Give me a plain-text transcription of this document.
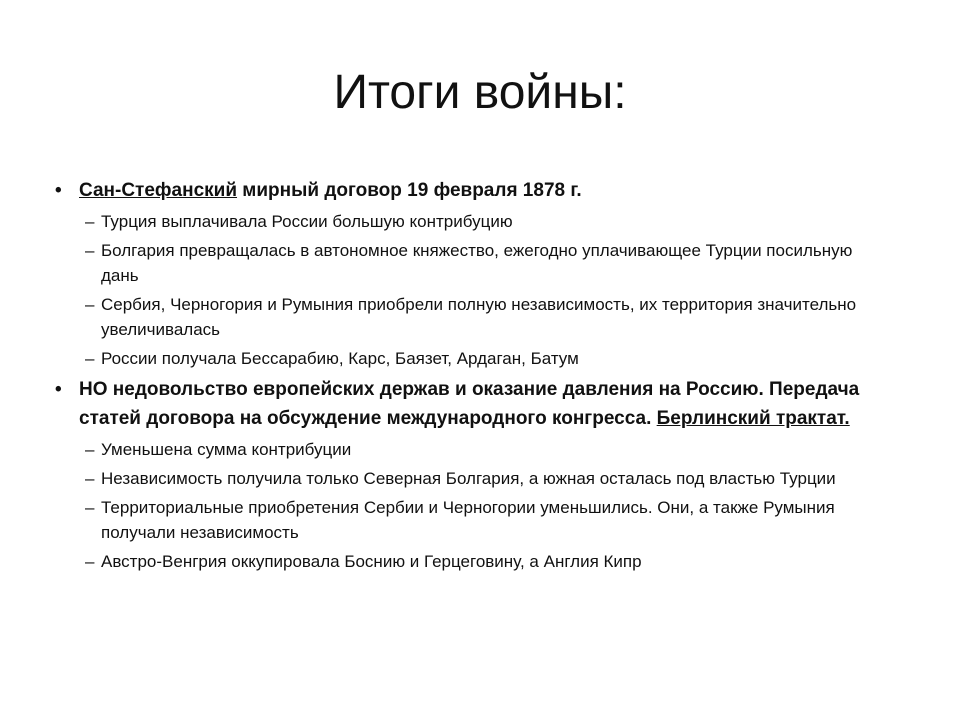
Итоги войны:
• Сан-Стефанский мирный договор 19 февраля 1878 г.
– Турция выплачивала России большую контрибуцию
– Болгария превращалась в автономное княжество, ежегодно уплачивающее Турции посильную дань
– Сербия, Черногория и Румыния приобрели полную независимость, их территория значительно увеличивалась
– России получала Бессарабию, Карс, Баязет, Ардаган, Батум
• НО недовольство европейских держав и оказание давления на Россию. Передача статей договора на обсуждение международного конгресса. Берлинский трактат.
– Уменьшена сумма контрибуции
– Независимость получила только Северная Болгария, а южная осталась под властью Турции
– Территориальные приобретения Сербии и Черногории уменьшились. Они, а также Румыния получали независимость
– Австро-Венгрия оккупировала Боснию и Герцеговину, а Англия Кипр
